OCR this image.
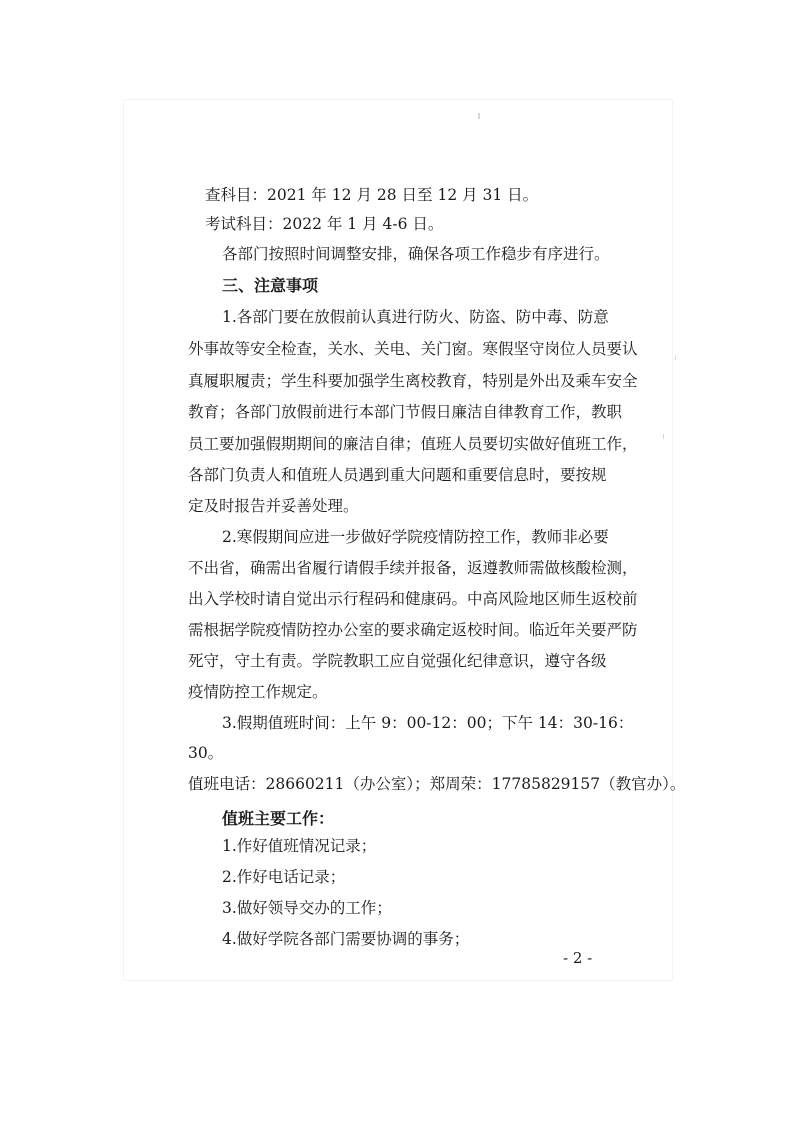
查科目：2021 年 12 月 28 日至 12 月 31 日。
考试科目：2022 年 1 月 4-6 日。
各部门按照时间调整安排，确保各项工作稳步有序进行。
三、注意事项
1.各部门要在放假前认真进行防火、防盗、防中毒、防意
外事故等安全检查，关水、关电、关门窗。寒假坚守岗位人员要认
真履职履责；学生科要加强学生离校教育，特别是外出及乘车安全
教育；各部门放假前进行本部门节假日廉洁自律教育工作，教职
员工要加强假期期间的廉洁自律；值班人员要切实做好值班工作，
各部门负责人和值班人员遇到重大问题和重要信息时，要按规
定及时报告并妥善处理。
2.寒假期间应进一步做好学院疫情防控工作，教师非必要
不出省，确需出省履行请假手续并报备，返遵教师需做核酸检测，
出入学校时请自觉出示行程码和健康码。中高风险地区师生返校前
需根据学院疫情防控办公室的要求确定返校时间。临近年关要严防
死守，守土有责。学院教职工应自觉强化纪律意识，遵守各级
疫情防控工作规定。
3.假期值班时间：上午 9：00-12：00；下午 14：30-16：
30。
值班电话：28660211（办公室）；郑周荣：17785829157（教官办）。
值班主要工作：
1.作好值班情况记录；
2.作好电话记录；
3.做好领导交办的工作；
4.做好学院各部门需要协调的事务；
- 2 -
